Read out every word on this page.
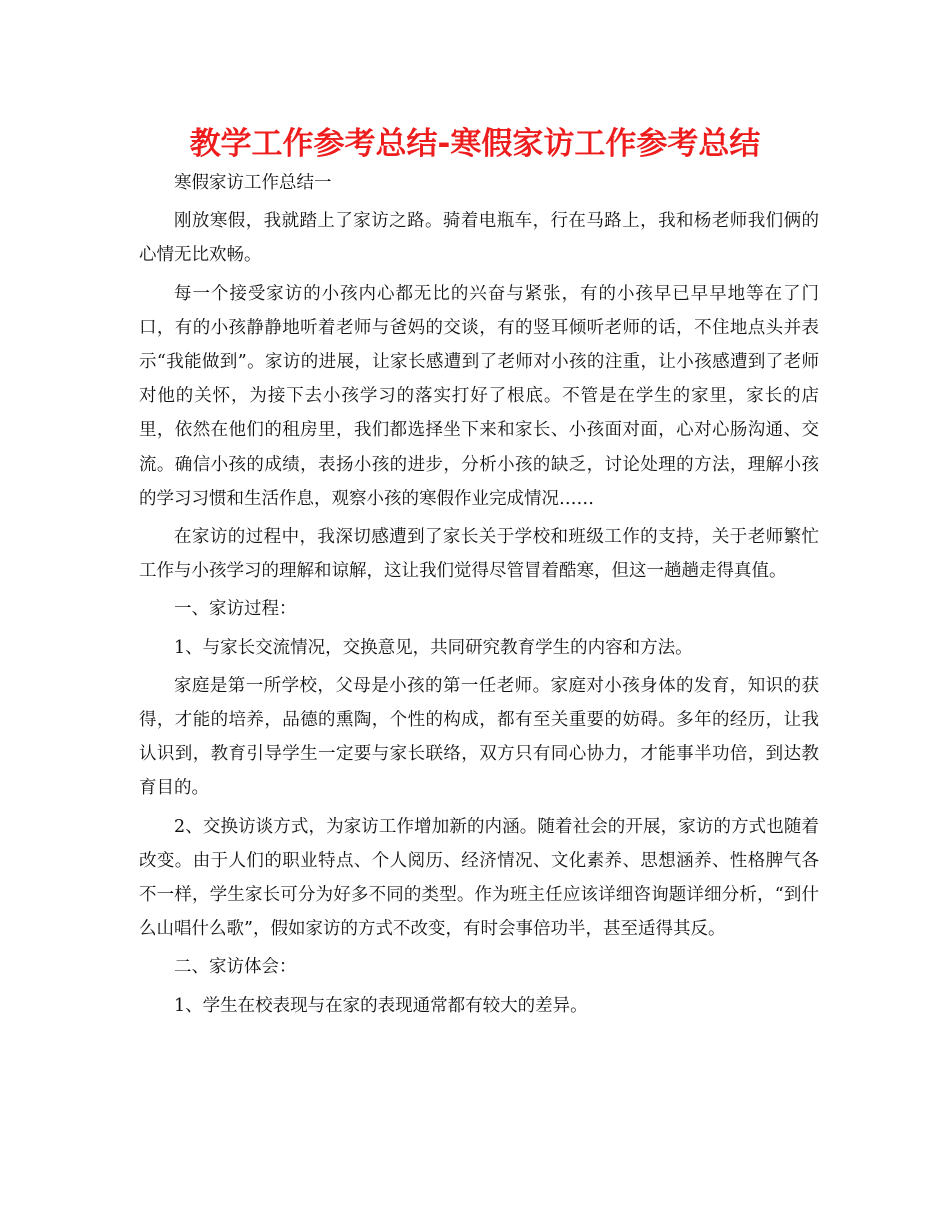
教学工作参考总结-寒假家访工作参考总结

寒假家访工作总结一

刚放寒假，我就踏上了家访之路。骑着电瓶车，行在马路上，我和杨老师我们俩的心情无比欢畅。

每一个接受家访的小孩内心都无比的兴奋与紧张，有的小孩早已早早地等在了门口，有的小孩静静地听着老师与爸妈的交谈，有的竖耳倾听老师的话，不住地点头并表示“我能做到”。家访的进展，让家长感遭到了老师对小孩的注重，让小孩感遭到了老师对他的关怀，为接下去小孩学习的落实打好了根底。不管是在学生的家里，家长的店里，依然在他们的租房里，我们都选择坐下来和家长、小孩面对面，心对心肠沟通、交流。确信小孩的成绩，表扬小孩的进步，分析小孩的缺乏，讨论处理的方法，理解小孩的学习习惯和生活作息，观察小孩的寒假作业完成情况……

在家访的过程中，我深切感遭到了家长关于学校和班级工作的支持，关于老师繁忙工作与小孩学习的理解和谅解，这让我们觉得尽管冒着酷寒，但这一趟趟走得真值。

一、家访过程：

1、与家长交流情况，交换意见，共同研究教育学生的内容和方法。

家庭是第一所学校，父母是小孩的第一任老师。家庭对小孩身体的发育，知识的获得，才能的培养，品德的熏陶，个性的构成，都有至关重要的妨碍。多年的经历，让我认识到，教育引导学生一定要与家长联络，双方只有同心协力，才能事半功倍，到达教育目的。

2、交换访谈方式，为家访工作增加新的内涵。随着社会的开展，家访的方式也随着改变。由于人们的职业特点、个人阅历、经济情况、文化素养、思想涵养、性格脾气各不一样，学生家长可分为好多不同的类型。作为班主任应该详细咨询题详细分析，“到什么山唱什么歌”，假如家访的方式不改变，有时会事倍功半，甚至适得其反。

二、家访体会：

1、学生在校表现与在家的表现通常都有较大的差异。
